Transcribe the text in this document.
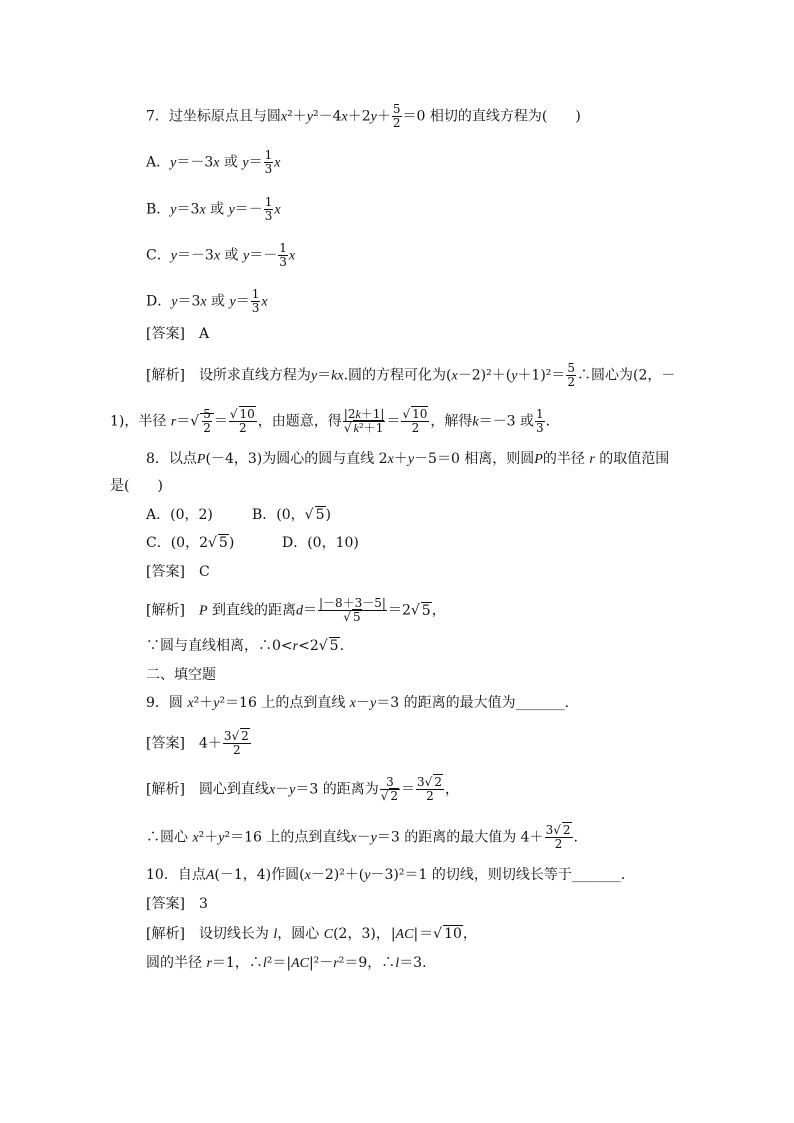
7．过坐标原点且与圆$x^2+y^2-4x+2y+ \frac{5}{2} =0$ 相切的直线方程为(　　)
A．y＝－3x 或 $y= \frac{1}{3}$ x
B．y＝3x 或 $y=- \frac{1}{3}$ x
C．y＝－3x 或 $y=- \frac{1}{3}$ x
D．y＝3x 或 $y= \frac{1}{3}$ x
[答案]　 A
[解析]　 设所求直线方程为y＝kx.圆的方程可化为$(x-2)^2+(y+1)^2= \frac{5}{2}$ ∴圆心为(2，－
1)，半径 $r=√ \frac{5}{2} = \frac{√ 10}{2}$ ，由题意，得 $\frac{|2k+1|}{\text{√ k²＋1}} = \frac{√ 10}{2}$ ，解得k＝－3 或 $\frac{1}{3}$ .
8．以点P(－4，3)为圆心的圆与直线 2x＋y－5＝0 相离，则圆P的半径 r 的取值范围
是(　　)
A．(0，2)	B．(0，√ 5)
C．(0，2√ 5)	D．(0，10)
[答案]　 C
[解析]　 P 到直线的距离$d= \frac{|-8+3-5|}{√ 5} =2√$ 5，
∵圆与直线相离，∴0<r<2√ 5.
二、填空题
9．圆 x²＋y²＝16 上的点到直线 x－y＝3 的距离的最大值为_______.
[答案]　 $4+ \frac{3√ 2}{2}$
[解析]　 圆心到直线x－y＝3 的距离为 $\frac{3}{√ 2} = \frac{3√ 2}{2}$ ，
∴圆心 x²＋y²＝16 上的点到直线x－y＝3 的距离的最大值为 $4+ \frac{3√ 2}{2}$ .
10．自点A(－1，4)作圆(x－2)²＋(y－3)²＝1 的切线，则切线长等于_______.
[答案]　 3
[解析]　 设切线长为 l，圆心 C(2，3)，|AC|＝√ 10，
圆的半径 r＝1，∴l²＝|AC|²－r²＝9，∴l＝3.
